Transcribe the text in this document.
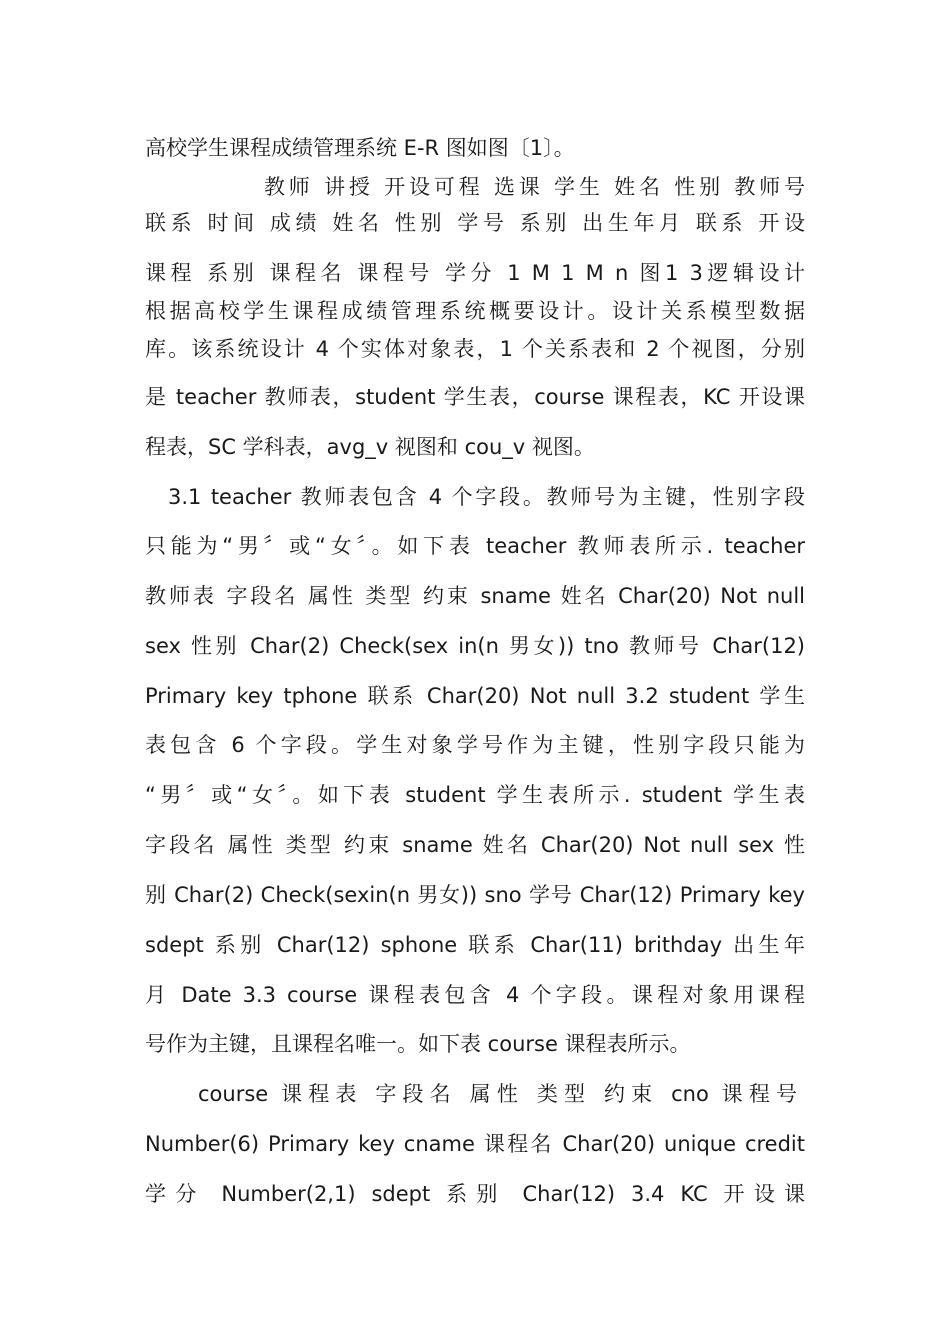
高校学生课程成绩管理系统 E-R 图如图〔1〕。
教师 讲授 开设可程 选课 学生 姓名 性别 教师号
联系 时间 成绩 姓名 性别 学号 系别 出生年月 联系 开设
课程 系别 课程名 课程号 学分 1 M 1 M n 图1 3逻辑设计
根据高校学生课程成绩管理系统概要设计。设计关系模型数据
库。该系统设计 4 个实体对象表，1 个关系表和 2 个视图，分别
是 teacher 教师表，student 学生表，course 课程表，KC 开设课
程表，SC 学科表，avg_v 视图和 cou_v 视图。
3.1 teacher 教师表包含 4 个字段。教师号为主键，性别字段
只能为“男〞或“女〞。如下表 teacher 教师表所示. teacher
教师表 字段名 属性 类型 约束 sname 姓名 Char(20) Not null
sex 性别 Char(2) Check(sex in(n 男女)) tno 教师号 Char(12)
Primary key tphone 联系 Char(20) Not null 3.2 student 学生
表包含 6 个字段。学生对象学号作为主键，性别字段只能为
“男〞或“女〞。如下表 student 学生表所示. student 学生表
字段名 属性 类型 约束 sname 姓名 Char(20) Not null sex 性
别 Char(2) Check(sexin(n 男女)) sno 学号 Char(12) Primary key
sdept 系别 Char(12) sphone 联系 Char(11) brithday 出生年
月 Date 3.3 course 课程表包含 4 个字段。课程对象用课程
号作为主键，且课程名唯一。如下表 course 课程表所示。
course 课程表 字段名 属性 类型 约束 cno 课程号
Number(6) Primary key cname 课程名 Char(20) unique credit
学分 Number(2,1) sdept 系别 Char(12) 3.4 KC 开设课
